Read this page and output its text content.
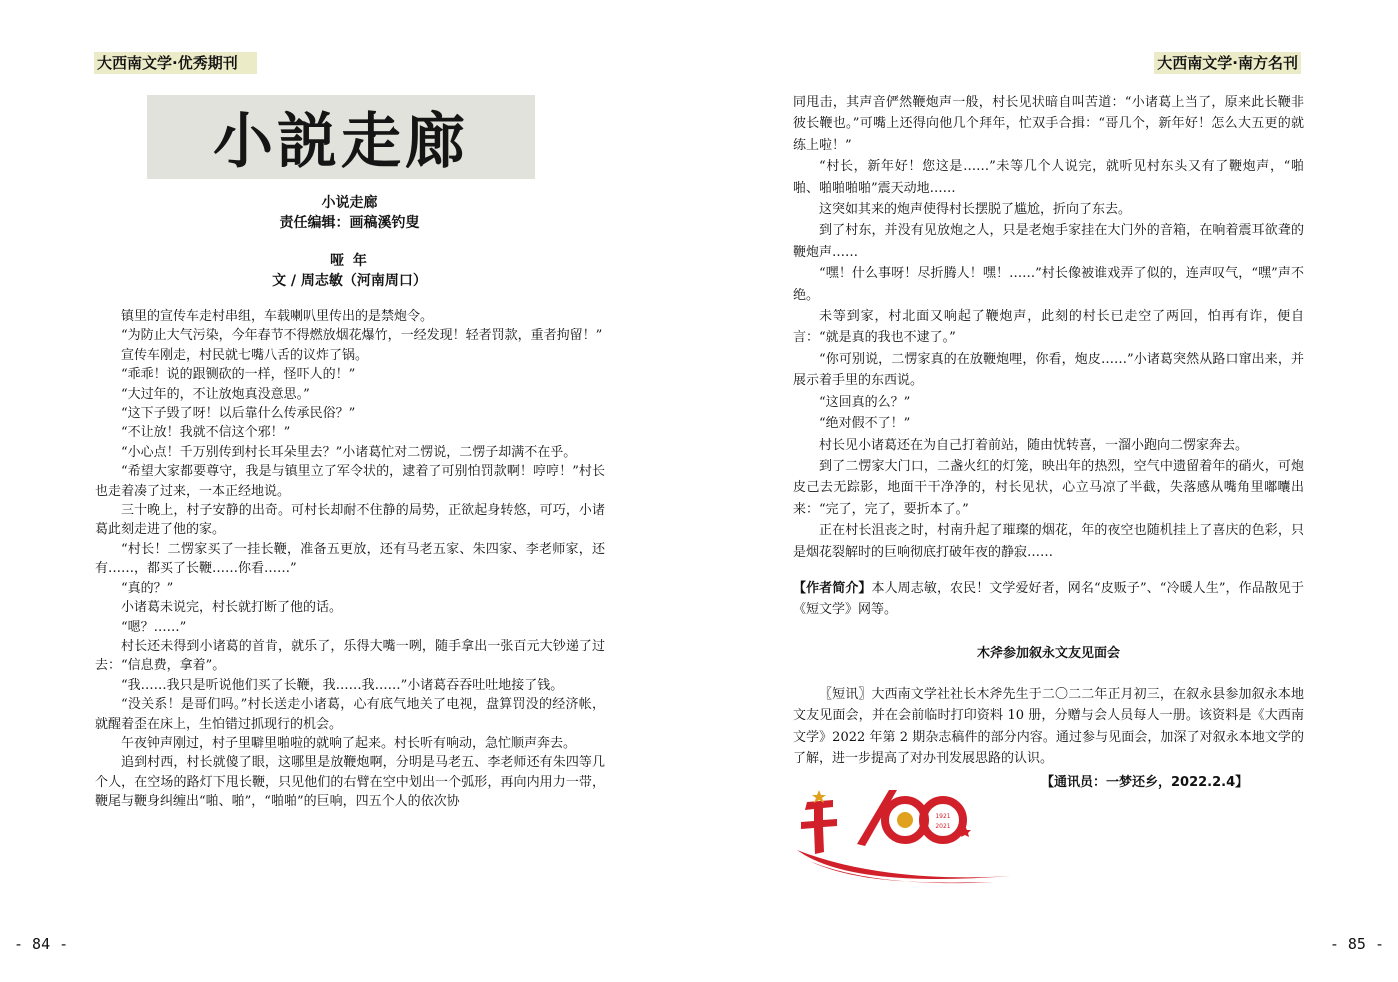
大西南文学·优秀期刊
小説走廊
小说走廊
责任编辑：画稿溪钓叟
哑 年
文 / 周志敏（河南周口）

镇里的宣传车走村串组，车载喇叭里传出的是禁炮令。

“为防止大气污染，今年春节不得燃放烟花爆竹，一经发现！轻者罚款，重者拘留！”

宣传车刚走，村民就七嘴八舌的议炸了锅。

“乖乖！说的跟铡砍的一样，怪吓人的！”

“大过年的，不让放炮真没意思。”

“这下子毁了呀！以后靠什么传承民俗？”

“不让放！我就不信这个邪！”

“小心点！千万别传到村长耳朵里去？”小诸葛忙对二愣说，二愣子却满不在乎。

“希望大家都要尊守，我是与镇里立了军令状的，逮着了可别怕罚款啊！哼哼！”村长也走着凑了过来，一本正经地说。

三十晚上，村子安静的出奇。可村长却耐不住静的局势，正欲起身转悠，可巧，小诸葛此刻走进了他的家。

“村长！二愣家买了一挂长鞭，准备五更放，还有马老五家、朱四家、李老师家，还有……，都买了长鞭……你看……”

“真的？”

小诸葛未说完，村长就打断了他的话。

“嗯？……”

村长还未得到小诸葛的首肯，就乐了，乐得大嘴一咧，随手拿出一张百元大钞递了过去：“信息费，拿着”。

“我……我只是听说他们买了长鞭，我……我……”小诸葛吞吞吐吐地接了钱。

“没关系！是哥们吗。”村长送走小诸葛，心有底气地关了电视，盘算罚没的经济帐，就醒着歪在床上，生怕错过抓现行的机会。

午夜钟声刚过，村子里噼里啪啦的就响了起来。村长听有响动，急忙顺声奔去。

追到村西，村长就傻了眼，这哪里是放鞭炮啊，分明是马老五、李老师还有朱四等几个人，在空场的路灯下甩长鞭，只见他们的右臂在空中划出一个弧形，再向内用力一带，鞭尾与鞭身纠缠出“啪、啪”，“啪啪”的巨响，四五个人的依次协

- 84 -
大西南文学·南方名刊

同甩击，其声音俨然鞭炮声一般，村长见状暗自叫苦道：“小诸葛上当了，原来此长鞭非彼长鞭也。”可嘴上还得向他几个拜年，忙双手合揖：“哥几个，新年好！怎么大五更的就练上啦！”

“村长，新年好！您这是……”未等几个人说完，就听见村东头又有了鞭炮声，“啪啪、啪啪啪啪”震天动地……

这突如其来的炮声使得村长摆脱了尴尬，折向了东去。

到了村东，并没有见放炮之人，只是老炮手家挂在大门外的音箱，在响着震耳欲聋的鞭炮声……

“嘿！什么事呀！尽折腾人！嘿！……”村长像被谁戏弄了似的，连声叹气，“嘿”声不绝。

未等到家，村北面又响起了鞭炮声，此刻的村长已走空了两回，怕再有诈，便自言：“就是真的我也不逮了。”

“你可别说，二愣家真的在放鞭炮哩，你看，炮皮……”小诸葛突然从路口窜出来，并展示着手里的东西说。

“这回真的么？”

“绝对假不了！”

村长见小诸葛还在为自己打着前站，随由忧转喜，一溜小跑向二愣家奔去。

到了二愣家大门口，二盏火红的灯笼，映出年的热烈，空气中遗留着年的硝火，可炮皮己去无踪影，地面干干净净的，村长见状，心立马凉了半截，失落感从嘴角里嘟囔出来：“完了，完了，要折本了。”

正在村长沮丧之时，村南升起了璀璨的烟花，年的夜空也随机挂上了喜庆的色彩，只是烟花裂解时的巨响彻底打破年夜的静寂……

【作者简介】本人周志敏，农民！文学爱好者，网名“皮贩子”、“冷暖人生”，作品散见于《短文学》网等。
木斧参加叙永文友见面会

〖短讯〗大西南文学社社长木斧先生于二〇二二年正月初三，在叙永县参加叙永本地文友见面会，并在会前临时打印资料 10 册，分赠与会人员每人一册。该资料是《大西南文学》2022 年第 2 期杂志稿件的部分内容。通过参与见面会，加深了对叙永本地文学的了解，进一步提高了对办刊发展思路的认识。

【通讯员：一梦还乡，2022.2.4】
1921
2021
- 85 -
